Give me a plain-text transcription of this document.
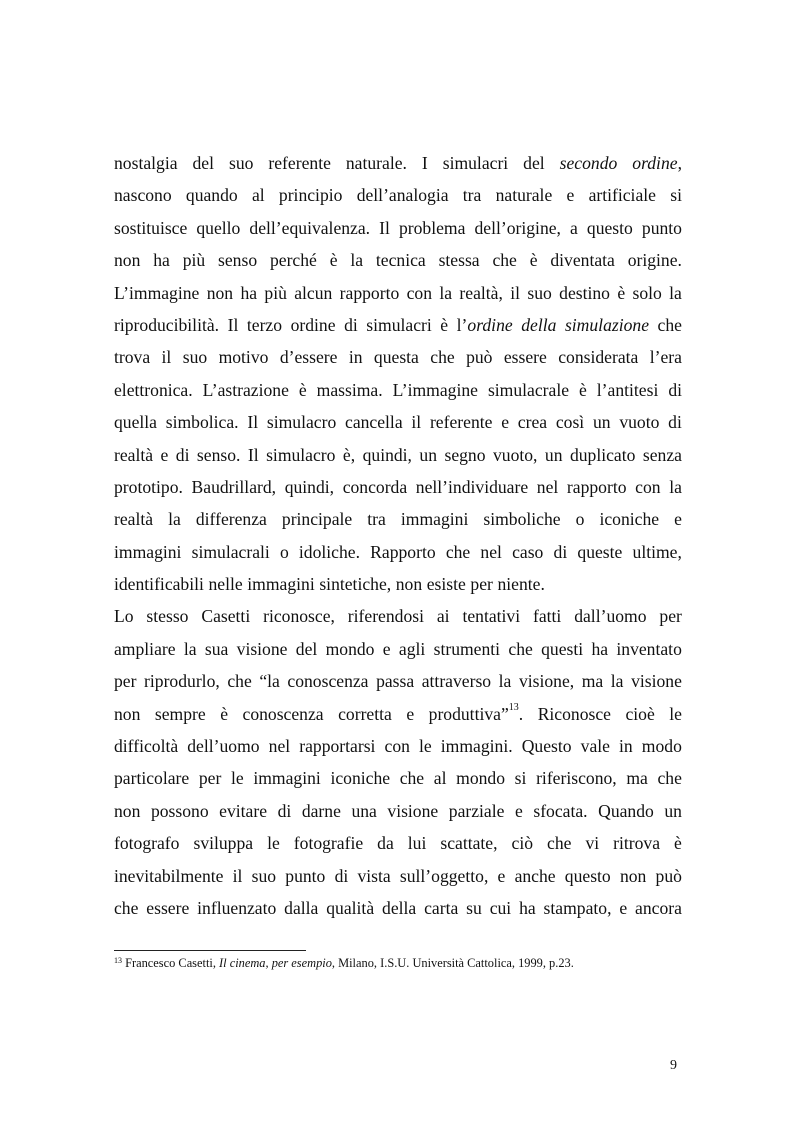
nostalgia del suo referente naturale. I simulacri del secondo ordine,
nascono quando al principio dell’analogia tra naturale e artificiale si
sostituisce quello dell’equivalenza. Il problema dell’origine, a questo punto
non ha più senso perché è la tecnica stessa che è diventata origine.
L’immagine non ha più alcun rapporto con la realtà, il suo destino è solo la
riproducibilità. Il terzo ordine di simulacri è l’ordine della simulazione che
trova il suo motivo d’essere in questa che può essere considerata l’era
elettronica. L’astrazione è massima. L’immagine simulacrale è l’antitesi di
quella simbolica. Il simulacro cancella il referente e crea così un vuoto di
realtà e di senso. Il simulacro è, quindi, un segno vuoto, un duplicato senza
prototipo. Baudrillard, quindi, concorda nell’individuare nel rapporto con la
realtà la differenza principale tra immagini simboliche o iconiche e
immagini simulacrali o idoliche. Rapporto che nel caso di queste ultime,
identificabili nelle immagini sintetiche, non esiste per niente.
Lo stesso Casetti riconosce, riferendosi ai tentativi fatti dall’uomo per
ampliare la sua visione del mondo e agli strumenti che questi ha inventato
per riprodurlo, che “la conoscenza passa attraverso la visione, ma la visione
non sempre è conoscenza corretta e produttiva”$^{13}$. Riconosce cioè le
difficoltà dell’uomo nel rapportarsi con le immagini. Questo vale in modo
particolare per le immagini iconiche che al mondo si riferiscono, ma che
non possono evitare di darne una visione parziale e sfocata. Quando un
fotografo sviluppa le fotografie da lui scattate, ciò che vi ritrova è
inevitabilmente il suo punto di vista sull’oggetto, e anche questo non può
che essere influenzato dalla qualità della carta su cui ha stampato, e ancora
$^{13}$ Francesco Casetti, Il cinema, per esempio, Milano, I.S.U. Università Cattolica, 1999, p.23.
9
